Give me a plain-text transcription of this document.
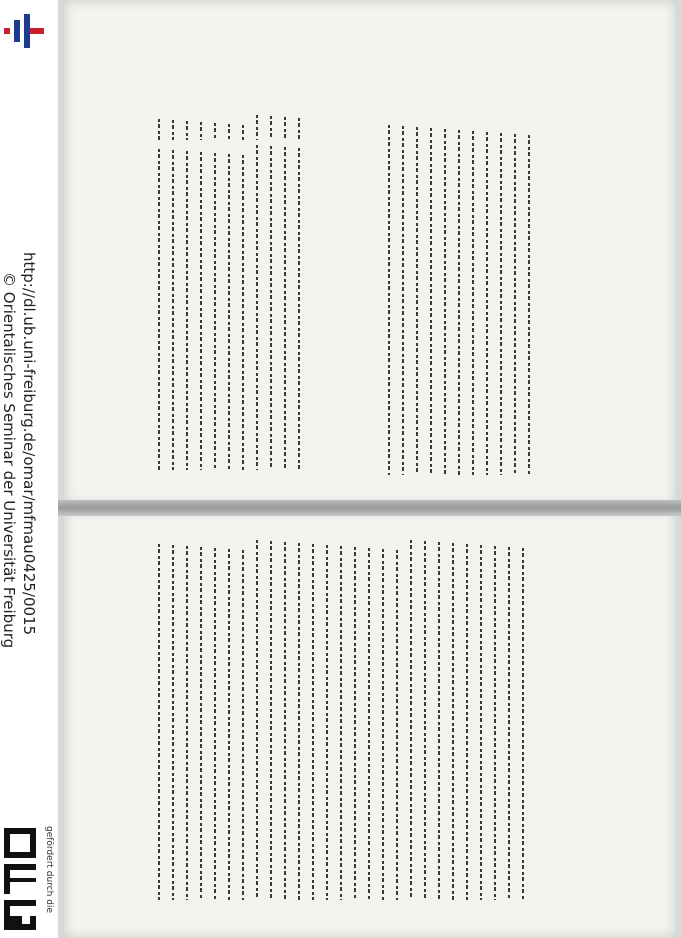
http://dl.ub.uni-freiburg.de/omar/mfmau0425/0015
© Orientalisches Seminar der Universität Freiburg
gefördert durch die
